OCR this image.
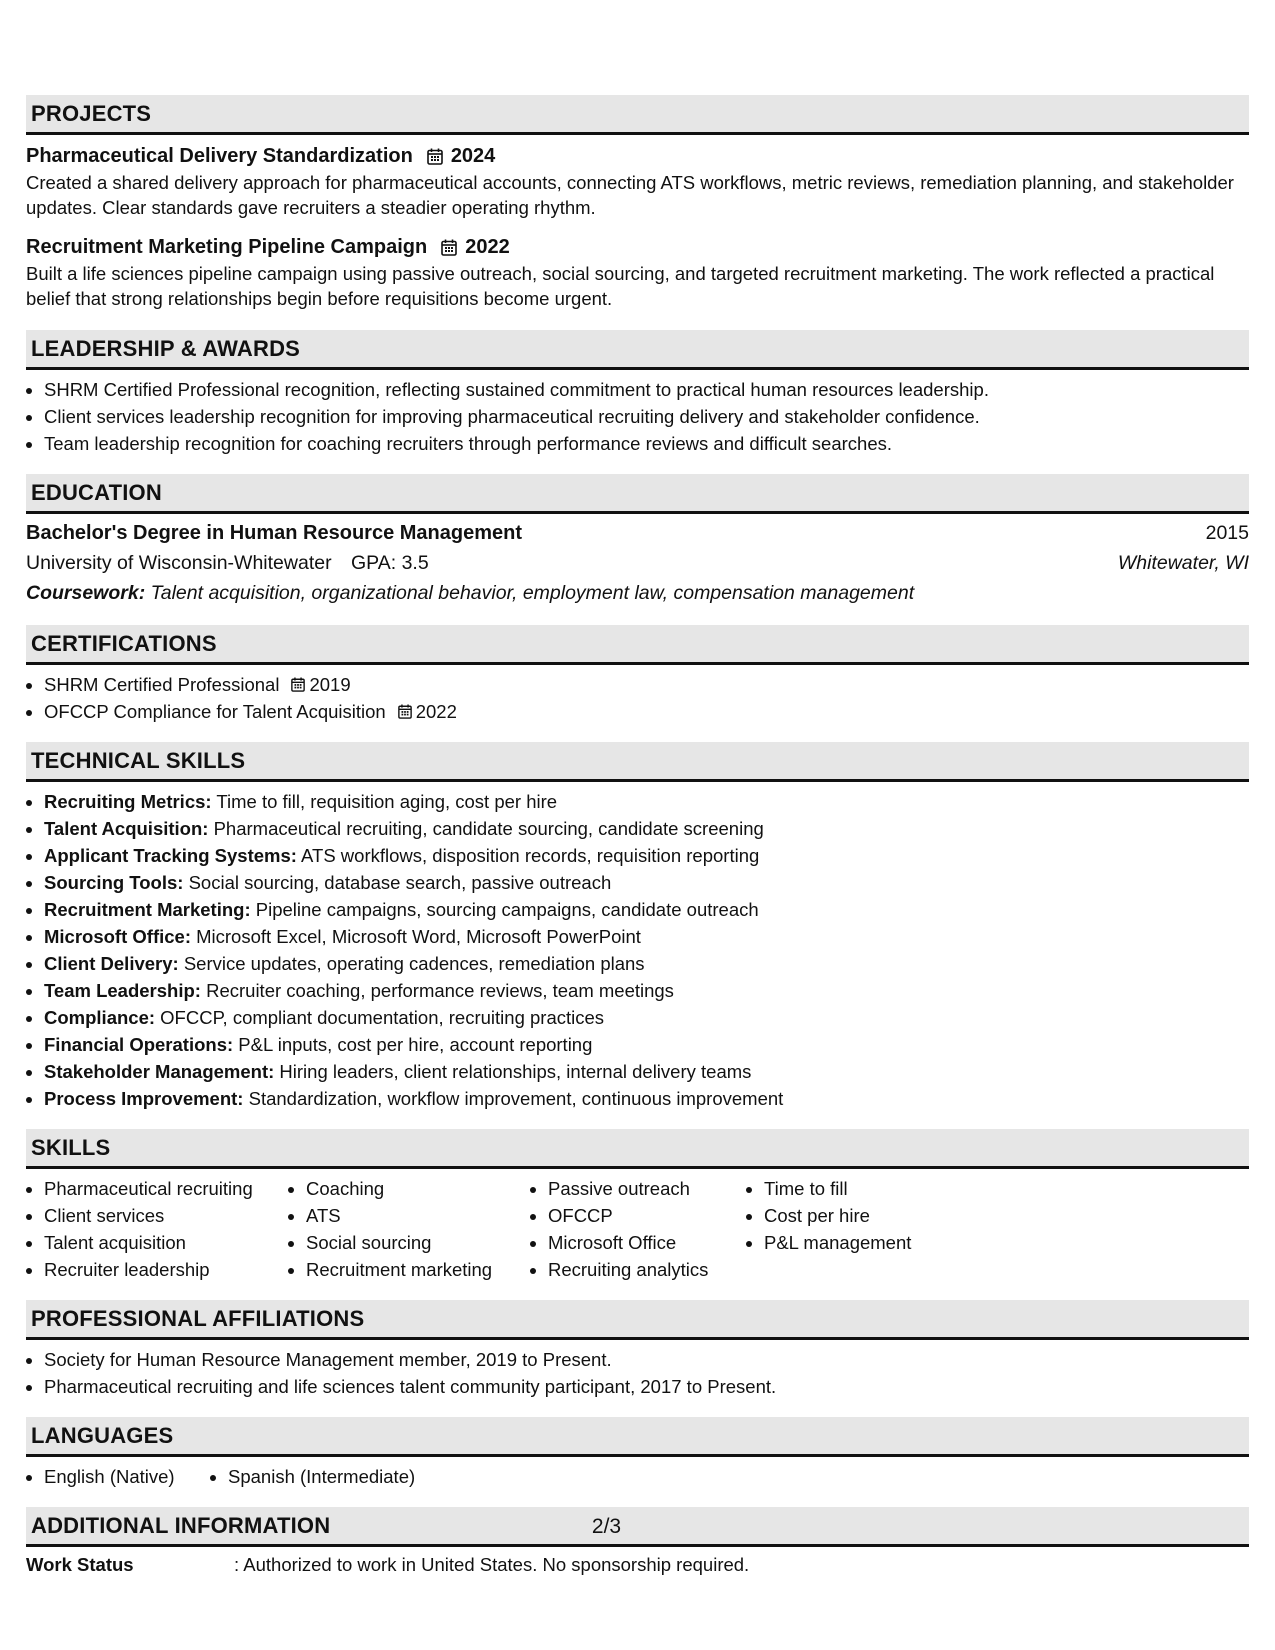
PROJECTS
Pharmaceutical Delivery Standardization 2024
Created a shared delivery approach for pharmaceutical accounts, connecting ATS workflows, metric reviews, remediation planning, and stakeholder updates. Clear standards gave recruiters a steadier operating rhythm.
Recruitment Marketing Pipeline Campaign 2022
Built a life sciences pipeline campaign using passive outreach, social sourcing, and targeted recruitment marketing. The work reflected a practical belief that strong relationships begin before requisitions become urgent.
LEADERSHIP & AWARDS
• SHRM Certified Professional recognition, reflecting sustained commitment to practical human resources leadership.
• Client services leadership recognition for improving pharmaceutical recruiting delivery and stakeholder confidence.
• Team leadership recognition for coaching recruiters through performance reviews and difficult searches.
EDUCATION
Bachelor's Degree in Human Resource Management	2015
University of Wisconsin-Whitewater GPA: 3.5	Whitewater, WI
Coursework: Talent acquisition, organizational behavior, employment law, compensation management
CERTIFICATIONS
• SHRM Certified Professional 2019
• OFCCP Compliance for Talent Acquisition 2022
TECHNICAL SKILLS
• Recruiting Metrics: Time to fill, requisition aging, cost per hire
• Talent Acquisition: Pharmaceutical recruiting, candidate sourcing, candidate screening
• Applicant Tracking Systems: ATS workflows, disposition records, requisition reporting
• Sourcing Tools: Social sourcing, database search, passive outreach
• Recruitment Marketing: Pipeline campaigns, sourcing campaigns, candidate outreach
• Microsoft Office: Microsoft Excel, Microsoft Word, Microsoft PowerPoint
• Client Delivery: Service updates, operating cadences, remediation plans
• Team Leadership: Recruiter coaching, performance reviews, team meetings
• Compliance: OFCCP, compliant documentation, recruiting practices
• Financial Operations: P&L inputs, cost per hire, account reporting
• Stakeholder Management: Hiring leaders, client relationships, internal delivery teams
• Process Improvement: Standardization, workflow improvement, continuous improvement
SKILLS
• Pharmaceutical recruiting
• Client services
• Talent acquisition
• Recruiter leadership
• Coaching
• ATS
• Social sourcing
• Recruitment marketing
• Passive outreach
• OFCCP
• Microsoft Office
• Recruiting analytics
• Time to fill
• Cost per hire
• P&L management
PROFESSIONAL AFFILIATIONS
• Society for Human Resource Management member, 2019 to Present.
• Pharmaceutical recruiting and life sciences talent community participant, 2017 to Present.
LANGUAGES
• English (Native)
•	Spanish (Intermediate)
ADDITIONAL INFORMATION
Work Status	: Authorized to work in United States. No sponsorship required.
2/3
